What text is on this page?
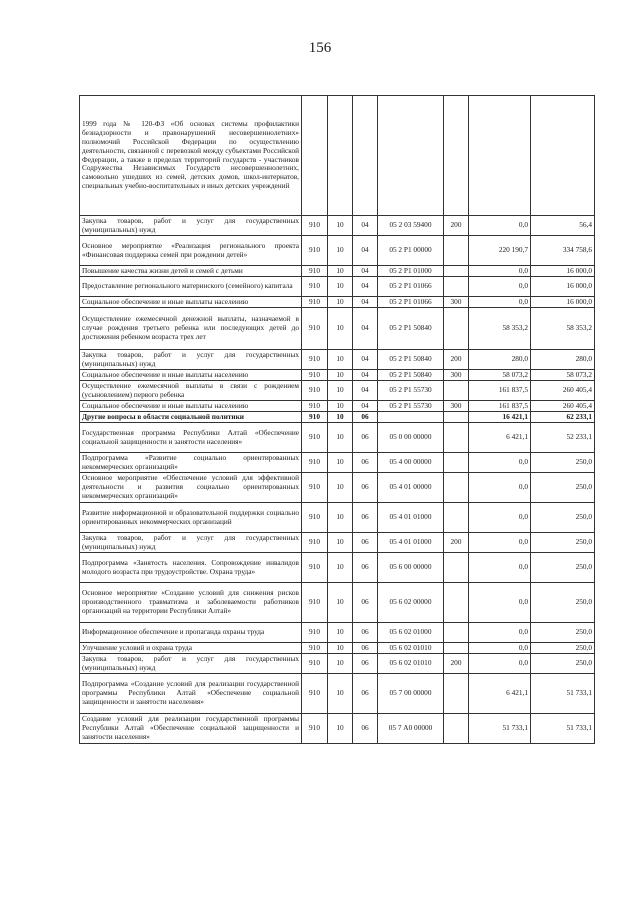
156
1999 года № 120-ФЗ «Об основах системы профилактики безнадзорности и правонарушений несовершеннолетних» полномочий Российской Федерации по осуществлению деятельности, связанной с перевозкой между субъектами Российской Федерации, а также в пределах территорий государств - участников Содружества Независимых Государств несовершеннолетних, самовольно ушедших из семей, детских домов, школ-интернатов, специальных учебно-воспитательных и иных детских учреждений							
Закупка товаров, работ и услуг для государственных (муниципальных) нужд	910	10	04	05 2 03 59400	200	0,0	56,4
Основное мероприятие «Реализация регионального проекта «Финансовая поддержка семей при рождении детей»	910	10	04	05 2 P1 00000		220 190,7	334 758,6
Повышение качества жизни детей и семей с детьми	910	10	04	05 2 P1 01000		0,0	16 000,0
Предоставление регионального материнского (семейного) капитала	910	10	04	05 2 P1 01066		0,0	16 000,0
Социальное обеспечение и иные выплаты населению	910	10	04	05 2 P1 01066	300	0,0	16 000,0
Осуществление ежемесячной денежной выплаты, назначаемой в случае рождения третьего ребенка или последующих детей до достижения ребенком возраста трех лет	910	10	04	05 2 P1 50840		58 353,2	58 353,2
Закупка товаров, работ и услуг для государственных (муниципальных) нужд	910	10	04	05 2 P1 50840	200	280,0	280,0
Социальное обеспечение и иные выплаты населению	910	10	04	05 2 P1 50840	300	58 073,2	58 073,2
Осуществление ежемесячной выплаты в связи с рождением (усыновлением) первого ребенка	910	10	04	05 2 P1 55730		161 837,5	260 405,4
Социальное обеспечение и иные выплаты населению	910	10	04	05 2 P1 55730	300	161 837,5	260 405,4
Другие вопросы в области социальной политики	910	10	06			16 421,1	62 233,1
Государственная программа Республики Алтай «Обеспечение социальной защищенности и занятости населения»	910	10	06	05 0 00 00000		6 421,1	52 233,1
Подпрограмма «Развитие социально ориентированных некоммерческих организаций»	910	10	06	05 4 00 00000		0,0	250,0
Основное мероприятие «Обеспечение условий для эффективной деятельности и развития социально ориентированных некоммерческих организаций»	910	10	06	05 4 01 00000		0,0	250,0
Развитие информационной и образовательной поддержки социально ориентированных некоммерческих организаций	910	10	06	05 4 01 01000		0,0	250,0
Закупка товаров, работ и услуг для государственных (муниципальных) нужд	910	10	06	05 4 01 01000	200	0,0	250,0
Подпрограмма «Занятость населения. Сопровождение инвалидов молодого возраста при трудоустройстве. Охрана труда»	910	10	06	05 6 00 00000		0,0	250,0
Основное мероприятие «Создание условий для снижения рисков производственного травматизма и заболеваемости работников организаций на территории Республики Алтай»	910	10	06	05 6 02 00000		0,0	250,0
Информационное обеспечение и пропаганда охраны труда	910	10	06	05 6 02 01000		0,0	250,0
Улучшение условий и охрана труда	910	10	06	05 6 02 01010		0,0	250,0
Закупка товаров, работ и услуг для государственных (муниципальных) нужд	910	10	06	05 6 02 01010	200	0,0	250,0
Подпрограмма «Создание условий для реализации государственной программы Республики Алтай «Обеспечение социальной защищенности и занятости населения»	910	10	06	05 7 00 00000		6 421,1	51 733,1
Создание условий для реализации государственной программы Республики Алтай «Обеспечение социальной защищенности и занятости населения»	910	10	06	05 7 А0 00000		51 733,1	51 733,1
